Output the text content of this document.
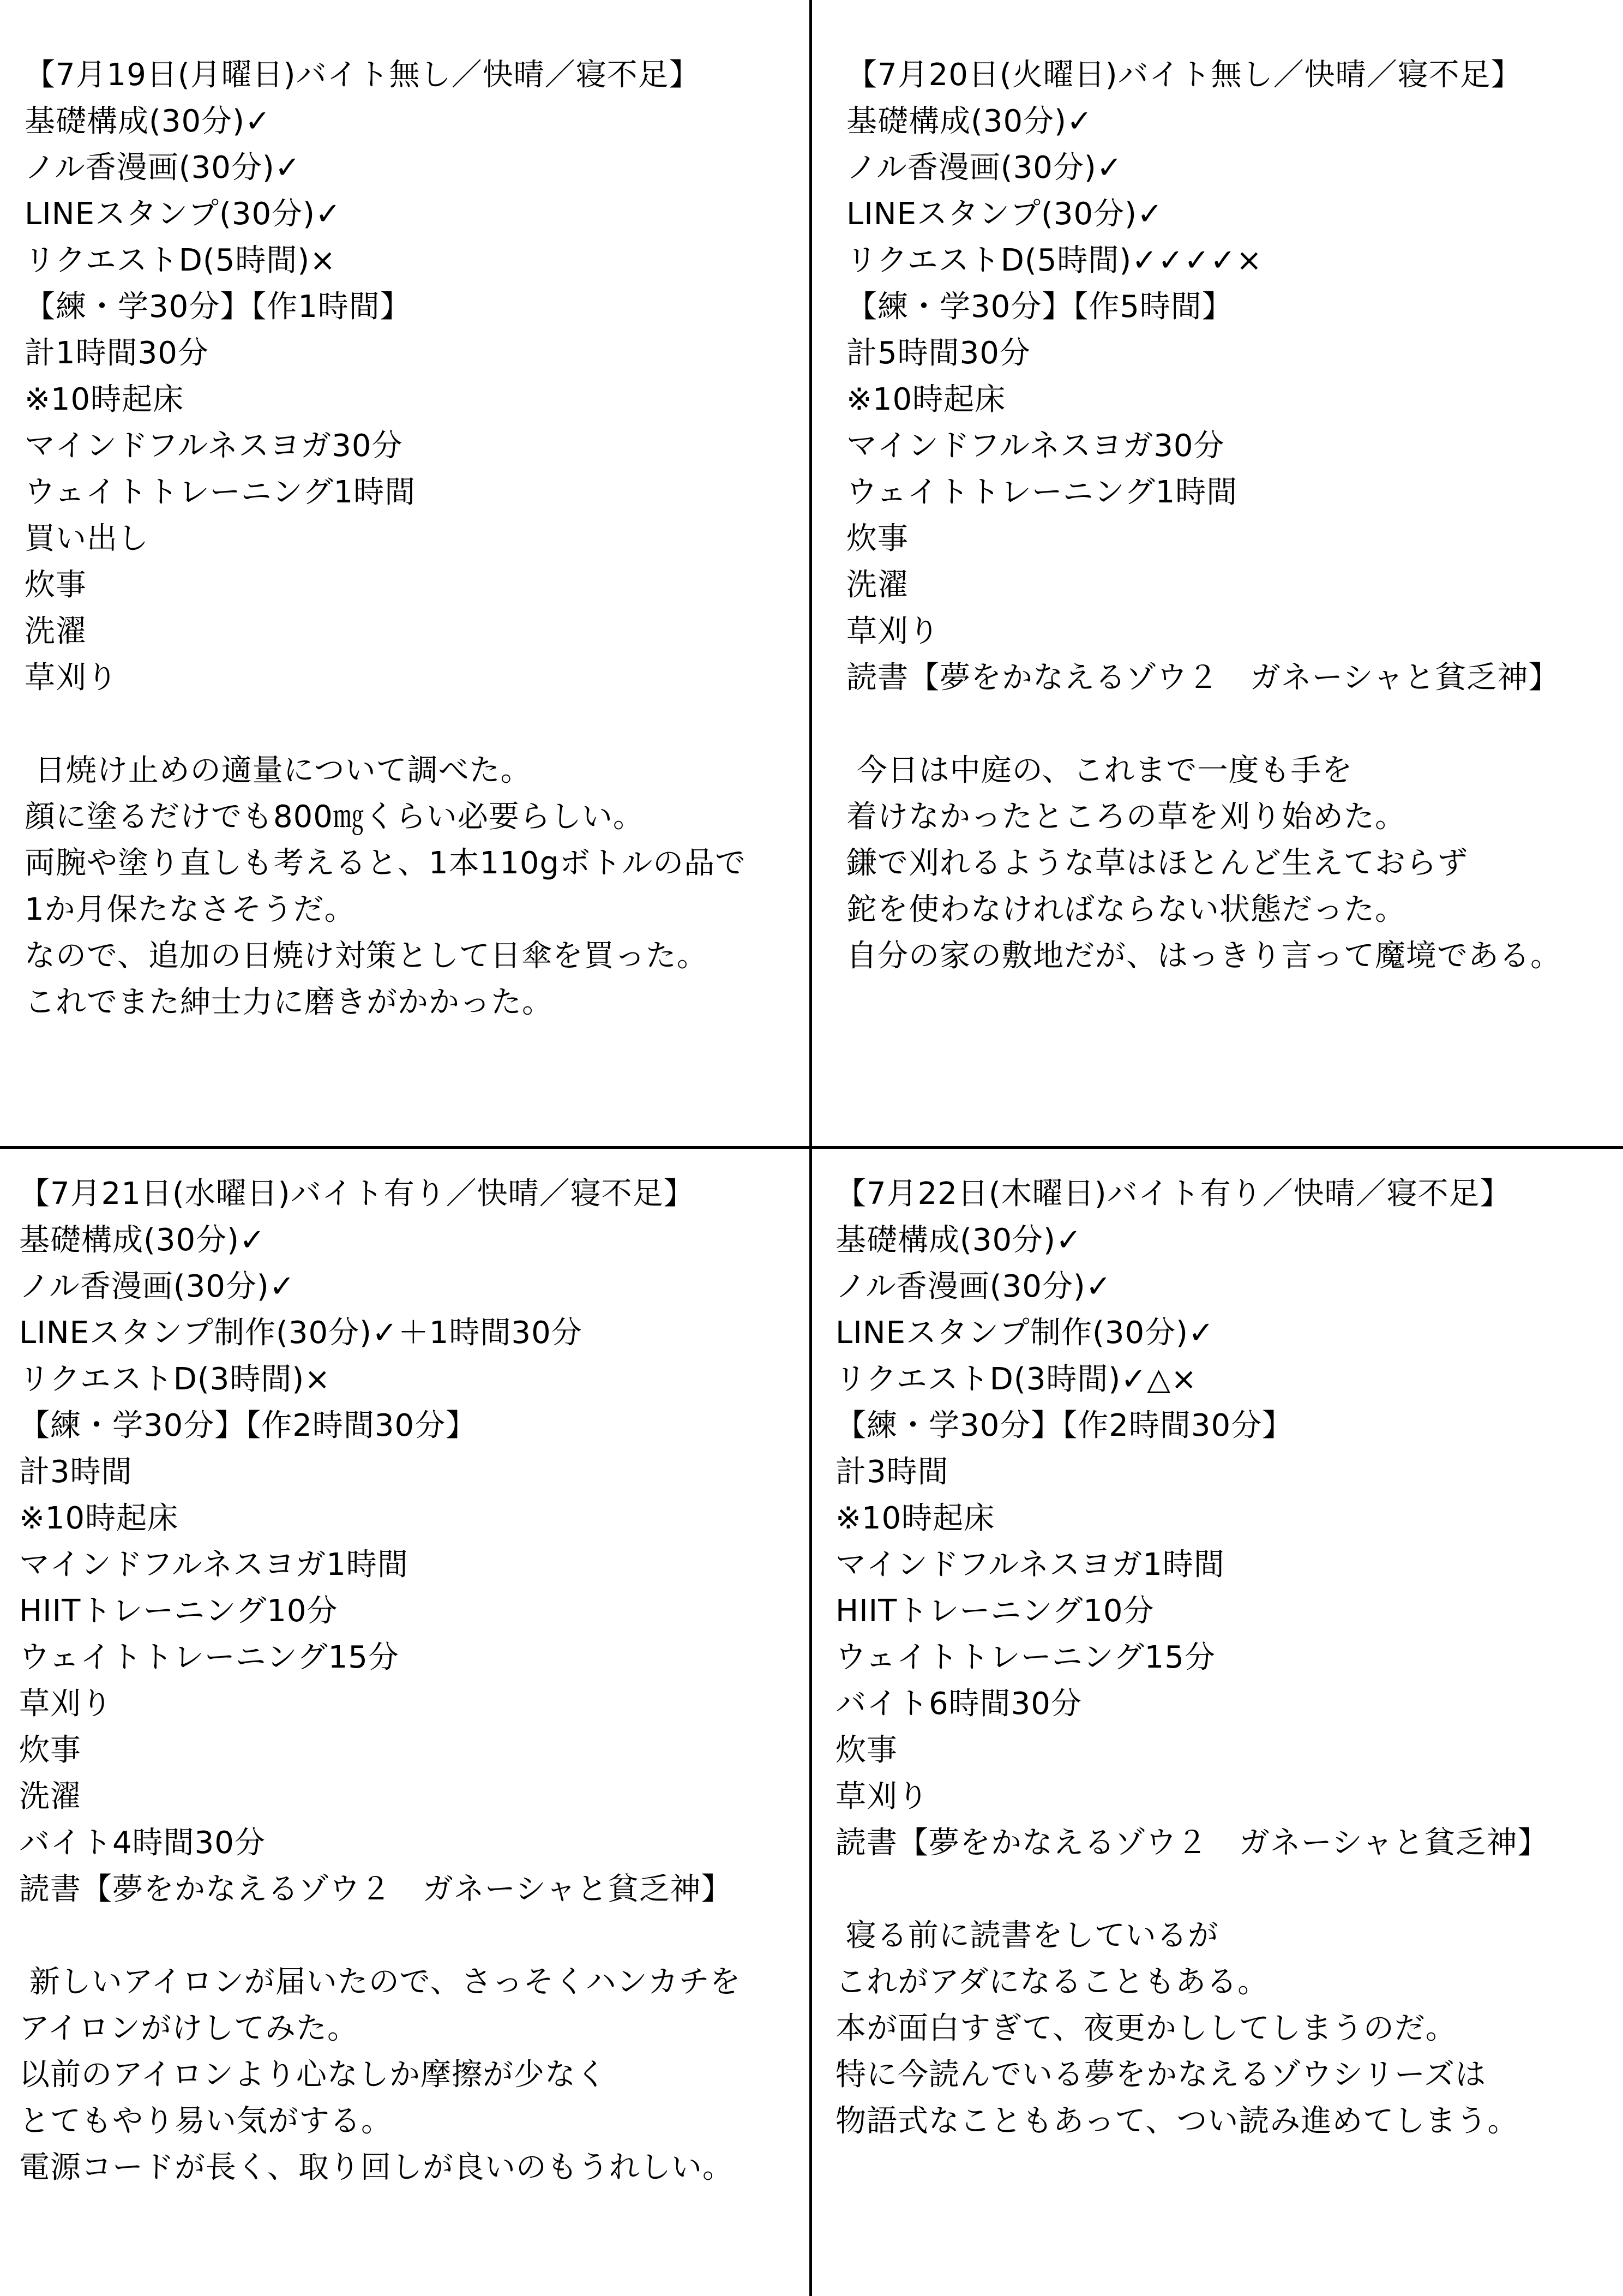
【7月19日(月曜日)バイト無し／快晴／寝不足】
基礎構成(30分)✓
ノル香漫画(30分)✓
LINEスタンプ(30分)✓
リクエストD(5時間)×
【練・学30分】【作1時間】
計1時間30分
※10時起床
マインドフルネスヨガ30分
ウェイトトレーニング1時間
買い出し
炊事
洗濯
草刈り
日焼け止めの適量について調べた。
顔に塗るだけでも800㎎くらい必要らしい。
両腕や塗り直しも考えると、1本110gボトルの品で
1か月保たなさそうだ。
なので、追加の日焼け対策として日傘を買った。
これでまた紳士力に磨きがかかった。
【7月20日(火曜日)バイト無し／快晴／寝不足】
基礎構成(30分)✓
ノル香漫画(30分)✓
LINEスタンプ(30分)✓
リクエストD(5時間)✓✓✓✓×
【練・学30分】【作5時間】
計5時間30分
※10時起床
マインドフルネスヨガ30分
ウェイトトレーニング1時間
炊事
洗濯
草刈り
読書【夢をかなえるゾウ２　ガネーシャと貧乏神】
今日は中庭の、これまで一度も手を
着けなかったところの草を刈り始めた。
鎌で刈れるような草はほとんど生えておらず
鉈を使わなければならない状態だった。
自分の家の敷地だが、はっきり言って魔境である。
【7月21日(水曜日)バイト有り／快晴／寝不足】
基礎構成(30分)✓
ノル香漫画(30分)✓
LINEスタンプ制作(30分)✓＋1時間30分
リクエストD(3時間)×
【練・学30分】【作2時間30分】
計3時間
※10時起床
マインドフルネスヨガ1時間
HIITトレーニング10分
ウェイトトレーニング15分
草刈り
炊事
洗濯
バイト4時間30分
読書【夢をかなえるゾウ２　ガネーシャと貧乏神】
新しいアイロンが届いたので、さっそくハンカチを
アイロンがけしてみた。
以前のアイロンより心なしか摩擦が少なく
とてもやり易い気がする。
電源コードが長く、取り回しが良いのもうれしい。
【7月22日(木曜日)バイト有り／快晴／寝不足】
基礎構成(30分)✓
ノル香漫画(30分)✓
LINEスタンプ制作(30分)✓
リクエストD(3時間)✓△×
【練・学30分】【作2時間30分】
計3時間
※10時起床
マインドフルネスヨガ1時間
HIITトレーニング10分
ウェイトトレーニング15分
バイト6時間30分
炊事
草刈り
読書【夢をかなえるゾウ２　ガネーシャと貧乏神】
寝る前に読書をしているが
これがアダになることもある。
本が面白すぎて、夜更かししてしまうのだ。
特に今読んでいる夢をかなえるゾウシリーズは
物語式なこともあって、つい読み進めてしまう。
